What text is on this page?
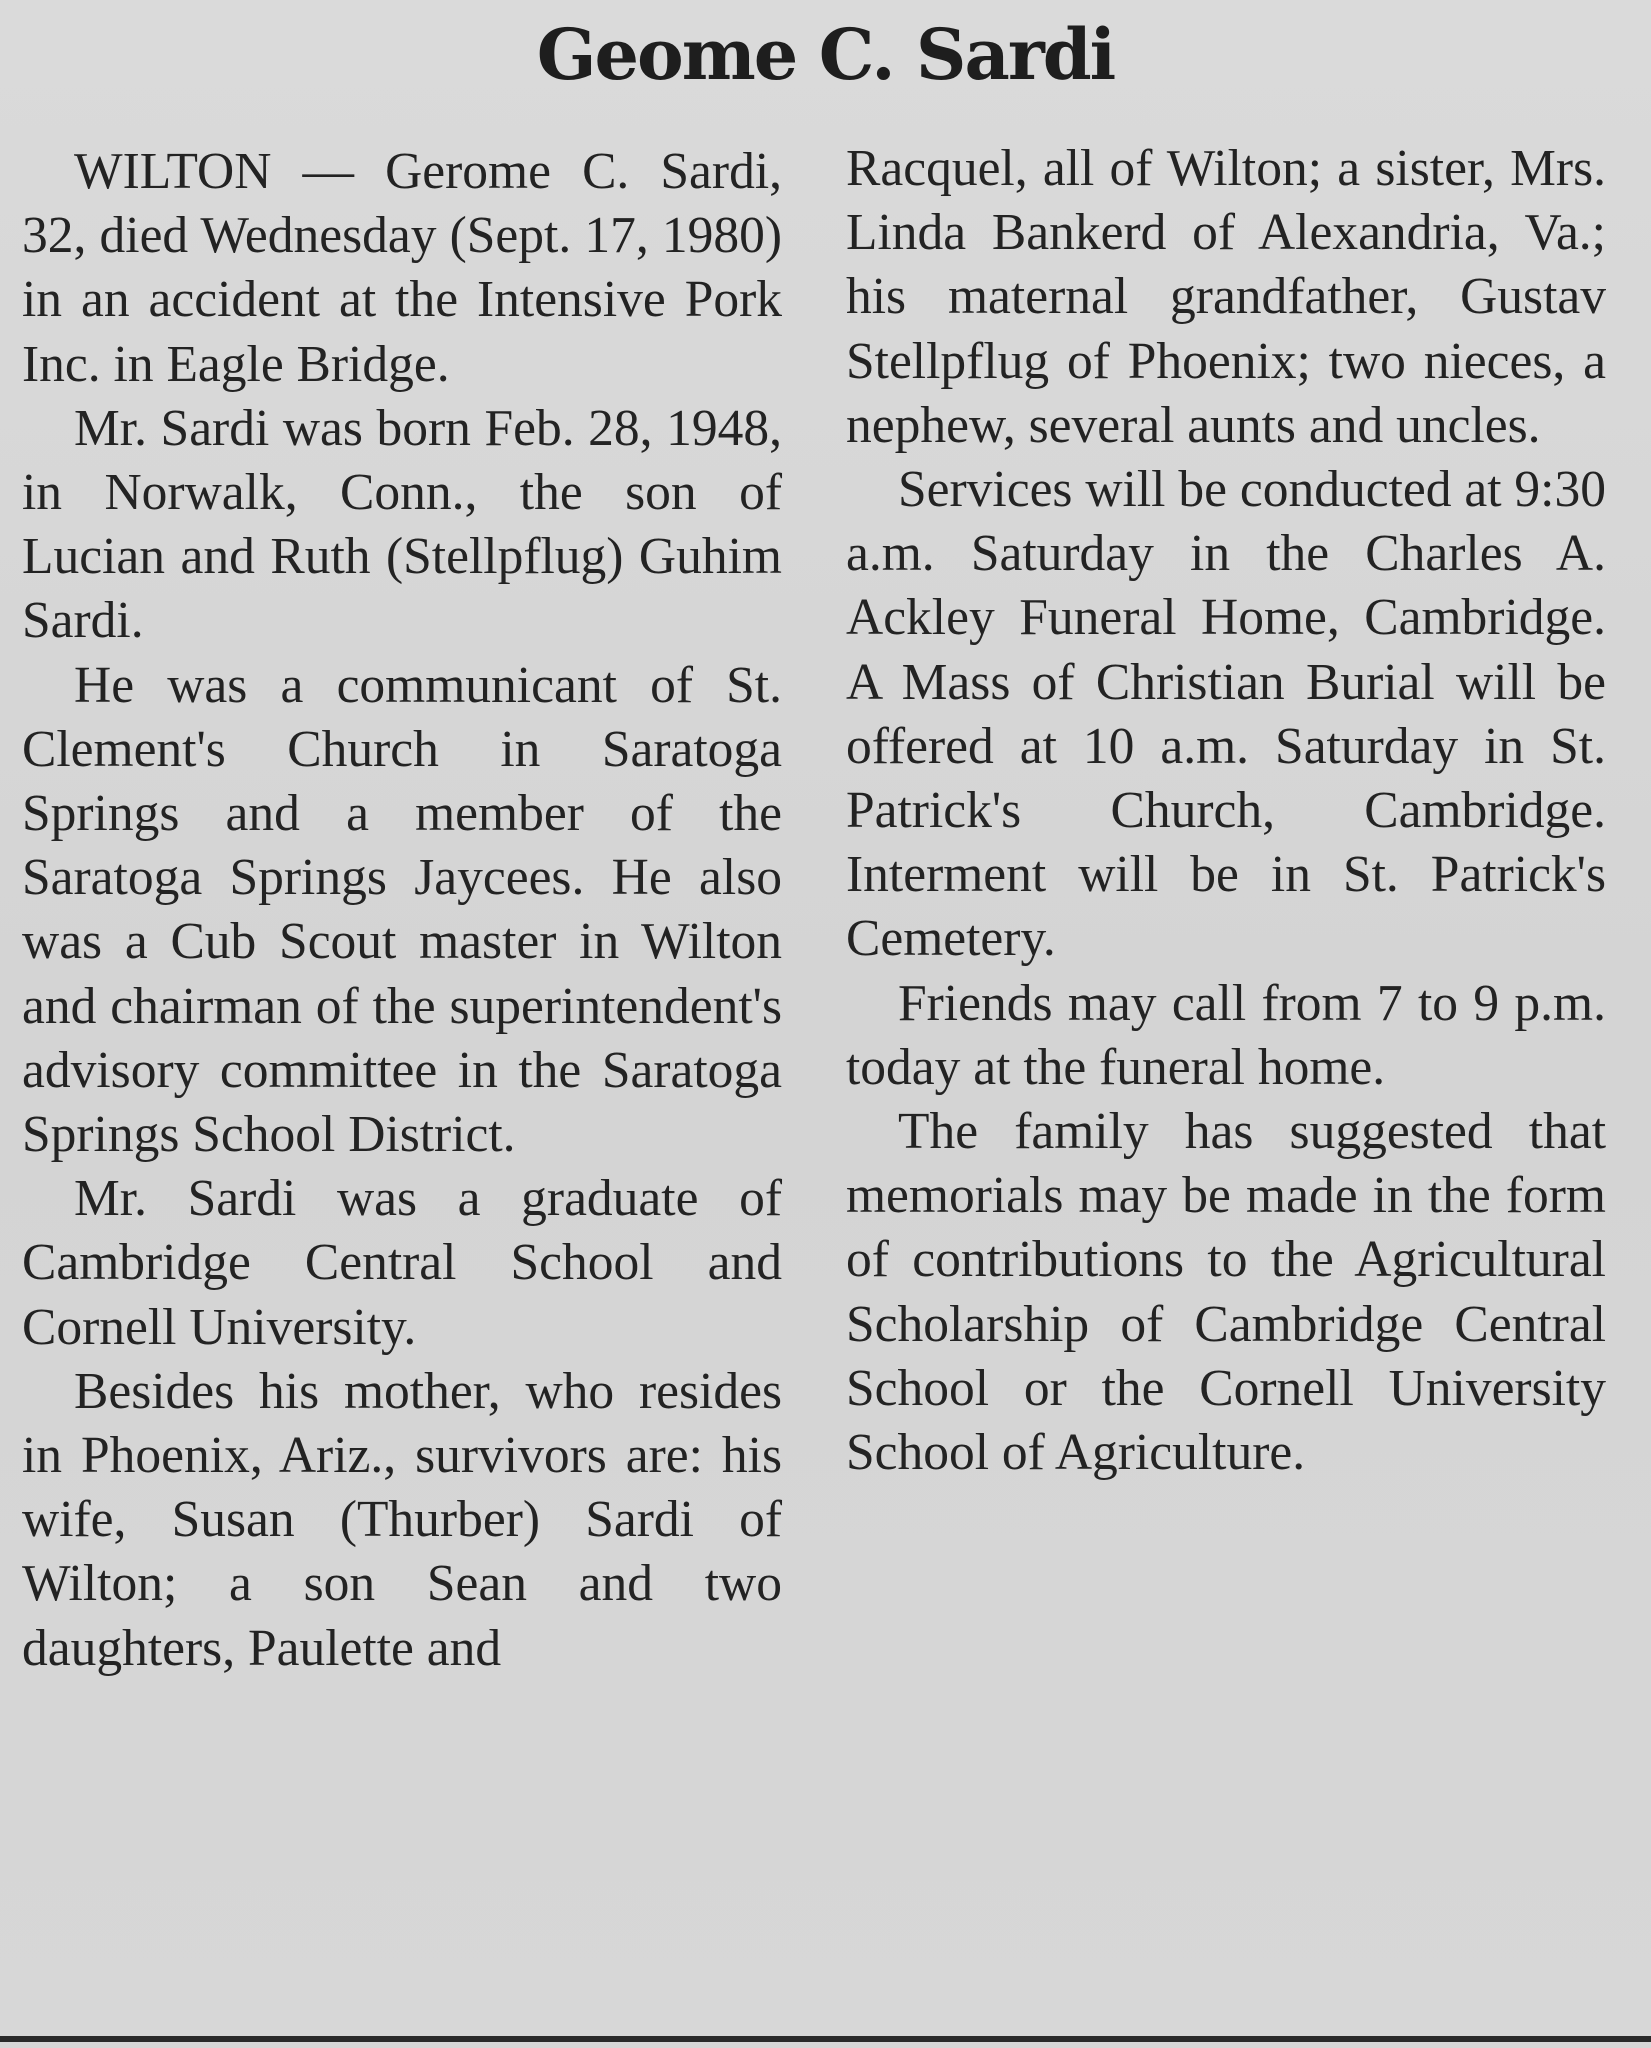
Geome C. Sardi

WILTON — Gerome C. Sardi, 32, died Wednesday (Sept. 17, 1980) in an accident at the Intensive Pork Inc. in Eagle Bridge.

Mr. Sardi was born Feb. 28, 1948, in Norwalk, Conn., the son of Lucian and Ruth (Stellpflug) Guhim Sardi.

He was a communicant of St. Clement's Church in Saratoga Springs and a member of the Saratoga Springs Jaycees. He also was a Cub Scout master in Wilton and chairman of the superintendent's advisory committee in the Saratoga Springs School District.

Mr. Sardi was a graduate of Cambridge Central School and Cornell University.

Besides his mother, who resides in Phoenix, Ariz., survivors are: his wife, Susan (Thurber) Sardi of Wilton; a son Sean and two daughters, Paulette and

Racquel, all of Wilton; a sister, Mrs. Linda Bankerd of Alexandria, Va.; his maternal grandfather, Gustav Stellpflug of Phoenix; two nieces, a nephew, several aunts and uncles.

Services will be conducted at 9:30 a.m. Saturday in the Charles A. Ackley Funeral Home, Cambridge. A Mass of Christian Burial will be offered at 10 a.m. Saturday in St. Patrick's Church, Cambridge. Interment will be in St. Patrick's Cemetery.

Friends may call from 7 to 9 p.m. today at the funeral home.

The family has suggested that memorials may be made in the form of contributions to the Agricultural Scholarship of Cambridge Central School or the Cornell University School of Agriculture.
